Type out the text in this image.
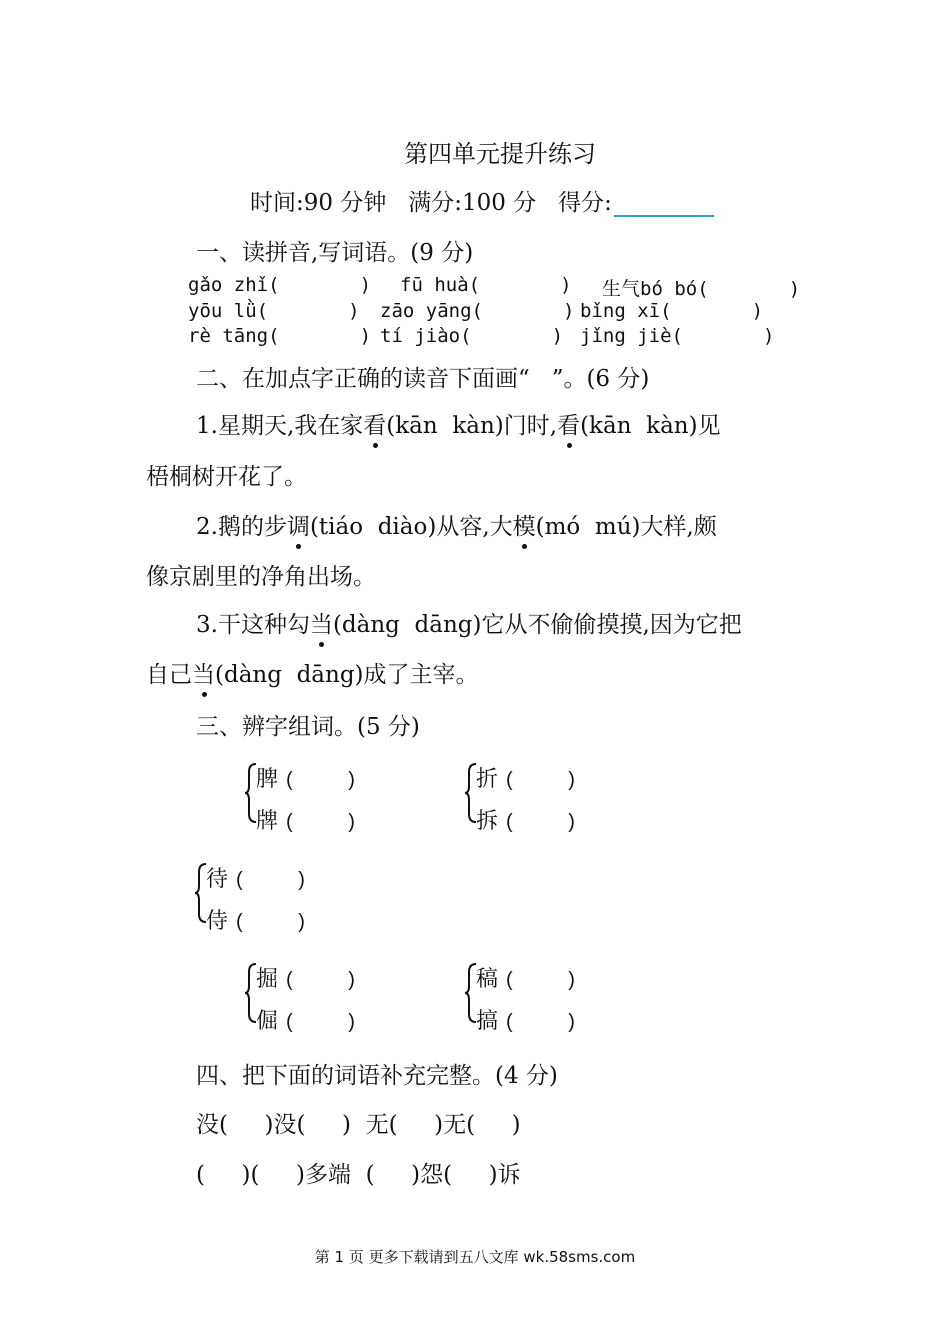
第四单元提升练习
时间:90 分钟 满分:100 分 得分:
一、读拼音,写词语。(9 分)
gǎo zhǐ(       ) fū huà(       ) 生气bó bó(       )
yōu lǜ(       ) zāo yāng(       ) bǐng xī(       )
rè tāng(       ) tí jiào(       ) jǐng jiè(       )
二、在加点字正确的读音下面画“   ”。(6 分)
1.星期天,我在家看(kān  kàn)门时,看(kān  kàn)见
梧桐树开花了。
2.鹅的步调(tiáo  diào)从容,大模(mó  mú)大样,颇
像京剧里的净角出场。
3.干这种勾当(dàng  dāng)它从不偷偷摸摸,因为它把
自己当(dàng  dāng)成了主宰。
三、辨字组词。(5 分)
脾 (          )
牌 (          )
折 (          )
拆 (          )
待 (          )
侍 (          )
掘 (          )
倔 (          )
稿 (          )
搞 (          )
四、把下面的词语补充完整。(4 分)
没(     )没(     )  无(     )无(     )
(     )(     )多端  (     )怨(     )诉
第 1 页 更多下载请到五八文库 wk.58sms.com
